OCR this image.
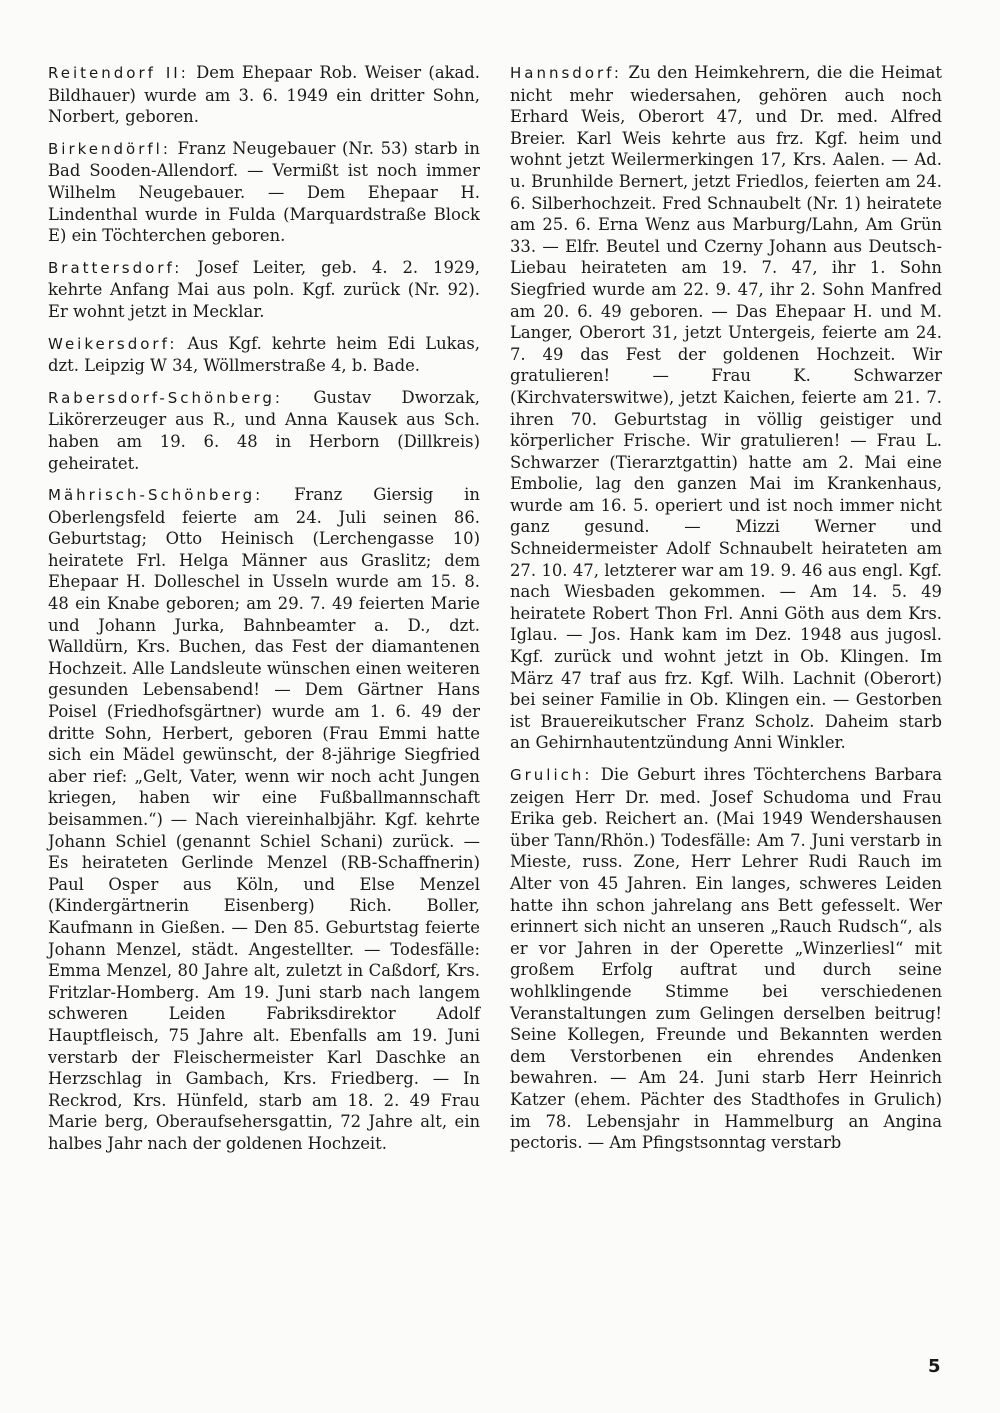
Reitendorf II: Dem Ehepaar Rob. Weiser (akad. Bildhauer) wurde am 3. 6. 1949 ein dritter Sohn, Norbert, geboren.

Birkendörfl: Franz Neugebauer (Nr. 53) starb in Bad Sooden-Allendorf. — Vermißt ist noch immer Wilhelm Neugebauer. — Dem Ehepaar H. Lindenthal wurde in Fulda (Marquardstraße Block E) ein Töchterchen geboren.

Brattersdorf: Josef Leiter, geb. 4. 2. 1929, kehrte Anfang Mai aus poln. Kgf. zurück (Nr. 92). Er wohnt jetzt in Mecklar.

Weikersdorf: Aus Kgf. kehrte heim Edi Lukas, dzt. Leipzig W 34, Wöllmerstraße 4, b. Bade.

Rabersdorf-Schönberg: Gustav Dworzak, Likörerzeuger aus R., und Anna Kausek aus Sch. haben am 19. 6. 48 in Herborn (Dillkreis) geheiratet.

Mährisch-Schönberg: Franz Giersig in Oberlengsfeld feierte am 24. Juli seinen 86. Geburtstag; Otto Heinisch (Lerchengasse 10) heiratete Frl. Helga Männer aus Graslitz; dem Ehepaar H. Dolleschel in Usseln wurde am 15. 8. 48 ein Knabe geboren; am 29. 7. 49 feierten Marie und Johann Jurka, Bahnbeamter a. D., dzt. Walldürn, Krs. Buchen, das Fest der diamantenen Hochzeit. Alle Landsleute wünschen einen weiteren gesunden Lebensabend! — Dem Gärtner Hans Poisel (Friedhofsgärtner) wurde am 1. 6. 49 der dritte Sohn, Herbert, geboren (Frau Emmi hatte sich ein Mädel gewünscht, der 8-jährige Siegfried aber rief: „Gelt, Vater, wenn wir noch acht Jungen kriegen, haben wir eine Fußballmannschaft beisammen.“) — Nach viereinhalbjähr. Kgf. kehrte Johann Schiel (genannt Schiel Schani) zurück. — Es heirateten Gerlinde Menzel (RB-Schaffnerin) Paul Osper aus Köln, und Else Menzel (Kindergärtnerin Eisenberg) Rich. Boller, Kaufmann in Gießen. — Den 85. Geburtstag feierte Johann Menzel, städt. Angestellter. — Todesfälle: Emma Menzel, 80 Jahre alt, zuletzt in Caßdorf, Krs. Fritzlar-Homberg. Am 19. Juni starb nach langem schweren Leiden Fabriksdirektor Adolf Hauptfleisch, 75 Jahre alt. Ebenfalls am 19. Juni verstarb der Fleischermeister Karl Daschke an Herzschlag in Gambach, Krs. Friedberg. — In Reckrod, Krs. Hünfeld, starb am 18. 2. 49 Frau Marie berg, Oberaufsehersgattin, 72 Jahre alt, ein halbes Jahr nach der goldenen Hochzeit.

Hannsdorf: Zu den Heimkehrern, die die Heimat nicht mehr wiedersahen, gehören auch noch Erhard Weis, Oberort 47, und Dr. med. Alfred Breier. Karl Weis kehrte aus frz. Kgf. heim und wohnt jetzt Weilermerkingen 17, Krs. Aalen. — Ad. u. Brunhilde Bernert, jetzt Friedlos, feierten am 24. 6. Silberhochzeit. Fred Schnaubelt (Nr. 1) heiratete am 25. 6. Erna Wenz aus Marburg/Lahn, Am Grün 33. — Elfr. Beutel und Czerny Johann aus Deutsch-Liebau heirateten am 19. 7. 47, ihr 1. Sohn Siegfried wurde am 22. 9. 47, ihr 2. Sohn Manfred am 20. 6. 49 geboren. — Das Ehepaar H. und M. Langer, Oberort 31, jetzt Untergeis, feierte am 24. 7. 49 das Fest der goldenen Hochzeit. Wir gratulieren! — Frau K. Schwarzer (Kirchvaterswitwe), jetzt Kaichen, feierte am 21. 7. ihren 70. Geburtstag in völlig geistiger und körperlicher Frische. Wir gratulieren! — Frau L. Schwarzer (Tierarztgattin) hatte am 2. Mai eine Embolie, lag den ganzen Mai im Krankenhaus, wurde am 16. 5. operiert und ist noch immer nicht ganz gesund. — Mizzi Werner und Schneidermeister Adolf Schnaubelt heirateten am 27. 10. 47, letzterer war am 19. 9. 46 aus engl. Kgf. nach Wiesbaden gekommen. — Am 14. 5. 49 heiratete Robert Thon Frl. Anni Göth aus dem Krs. Iglau. — Jos. Hank kam im Dez. 1948 aus jugosl. Kgf. zurück und wohnt jetzt in Ob. Klingen. Im März 47 traf aus frz. Kgf. Wilh. Lachnit (Oberort) bei seiner Familie in Ob. Klingen ein. — Gestorben ist Brauereikutscher Franz Scholz. Daheim starb an Gehirnhautentzündung Anni Winkler.

Grulich: Die Geburt ihres Töchterchens Barbara zeigen Herr Dr. med. Josef Schudoma und Frau Erika geb. Reichert an. (Mai 1949 Wendershausen über Tann/Rhön.) Todesfälle: Am 7. Juni verstarb in Mieste, russ. Zone, Herr Lehrer Rudi Rauch im Alter von 45 Jahren. Ein langes, schweres Leiden hatte ihn schon jahrelang ans Bett gefesselt. Wer erinnert sich nicht an unseren „Rauch Rudsch“, als er vor Jahren in der Operette „Winzerliesl“ mit großem Erfolg auftrat und durch seine wohlklingende Stimme bei verschiedenen Veranstaltungen zum Gelingen derselben beitrug! Seine Kollegen, Freunde und Bekannten werden dem Verstorbenen ein ehrendes Andenken bewahren. — Am 24. Juni starb Herr Heinrich Katzer (ehem. Pächter des Stadthofes in Grulich) im 78. Lebensjahr in Hammelburg an Angina pectoris. — Am Pfingstsonntag verstarb

5
